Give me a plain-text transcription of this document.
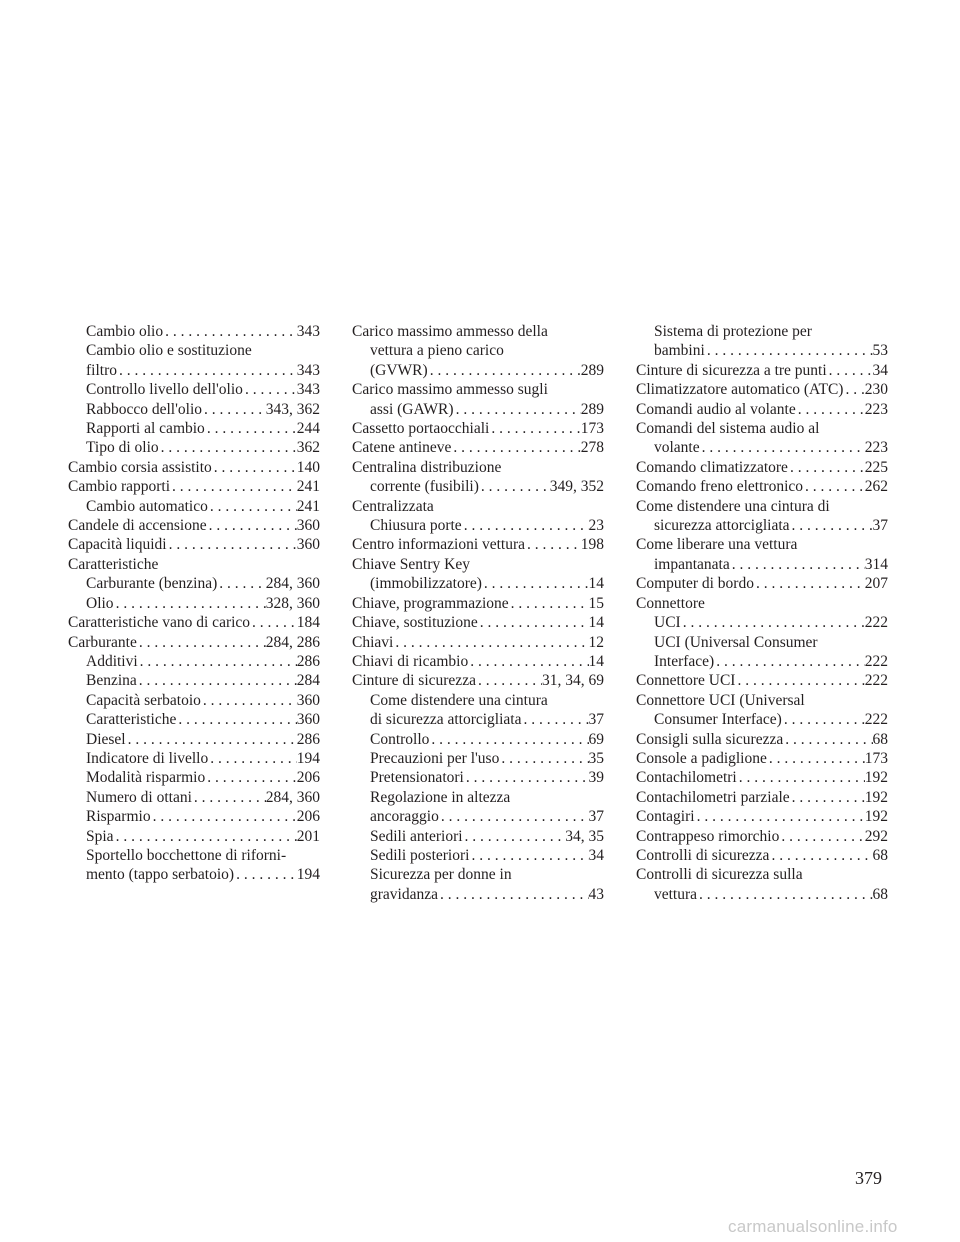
Cambio olio . . .	343
Cambio olio e sostituzione
filtro . . .	343
Controllo livello dell'olio . . .	343
Rabbocco dell'olio . . .	343, 362
Rapporti al cambio . . .	244
Tipo di olio . . .	362
Cambio corsia assistito . . .	140
Cambio rapporti . . .	241
Cambio automatico . . .	241
Candele di accensione . . .	360
Capacità liquidi . . .	360
Caratteristiche
Carburante (benzina) . . .	284, 360
Olio . . .	328, 360
Caratteristiche vano di carico . . .	184
Carburante . . .	284, 286
Additivi . . .	286
Benzina . . .	284
Capacità serbatoio . . .	360
Caratteristiche . . .	360
Diesel . . .	286
Indicatore di livello . . .	194
Modalità risparmio . . .	206
Numero di ottani . . .	284, 360
Risparmio . . .	206
Spia . . .	201
Sportello bocchettone di riforni-
mento (tappo serbatoio) . . .	194
Carico massimo ammesso della
vettura a pieno carico
(GVWR) . . .	289
Carico massimo ammesso sugli
assi (GAWR) . . .	289
Cassetto portaocchiali . . .	173
Catene antineve . . .	278
Centralina distribuzione
corrente (fusibili) . . .	349, 352
Centralizzata
Chiusura porte . . .	23
Centro informazioni vettura . . .	198
Chiave Sentry Key
(immobilizzatore) . . .	14
Chiave, programmazione . . .	15
Chiave, sostituzione . . .	14
Chiavi . . .	12
Chiavi di ricambio . . .	14
Cinture di sicurezza . . .	31, 34, 69
Come distendere una cintura
di sicurezza attorcigliata . . .	37
Controllo . . .	69
Precauzioni per l'uso . . .	35
Pretensionatori . . .	39
Regolazione in altezza
ancoraggio . . .	37
Sedili anteriori . . .	34, 35
Sedili posteriori . . .	34
Sicurezza per donne in
gravidanza . . .	43
Sistema di protezione per
bambini . . .	53
Cinture di sicurezza a tre punti . . .	34
Climatizzatore automatico (ATC) . . . 230
Comandi audio al volante . . .	223
Comandi del sistema audio al
volante . . .	223
Comando climatizzatore . . .	225
Comando freno elettronico . . .	262
Come distendere una cintura di
sicurezza attorcigliata . . .	37
Come liberare una vettura
impantanata . . .	314
Computer di bordo . . .	207
Connettore
UCI . . .	222
UCI (Universal Consumer
Interface) . . .	222
Connettore UCI . . .	222
Connettore UCI (Universal
Consumer Interface) . . .	222
Consigli sulla sicurezza . . .	68
Console a padiglione . . .	173
Contachilometri . . .	192
Contachilometri parziale . . .	192
Contagiri . . .	192
Contrappeso rimorchio . . .	292
Controlli di sicurezza . . .	68
Controlli di sicurezza sulla
vettura . . .	68
379
carmanualsonline.info
